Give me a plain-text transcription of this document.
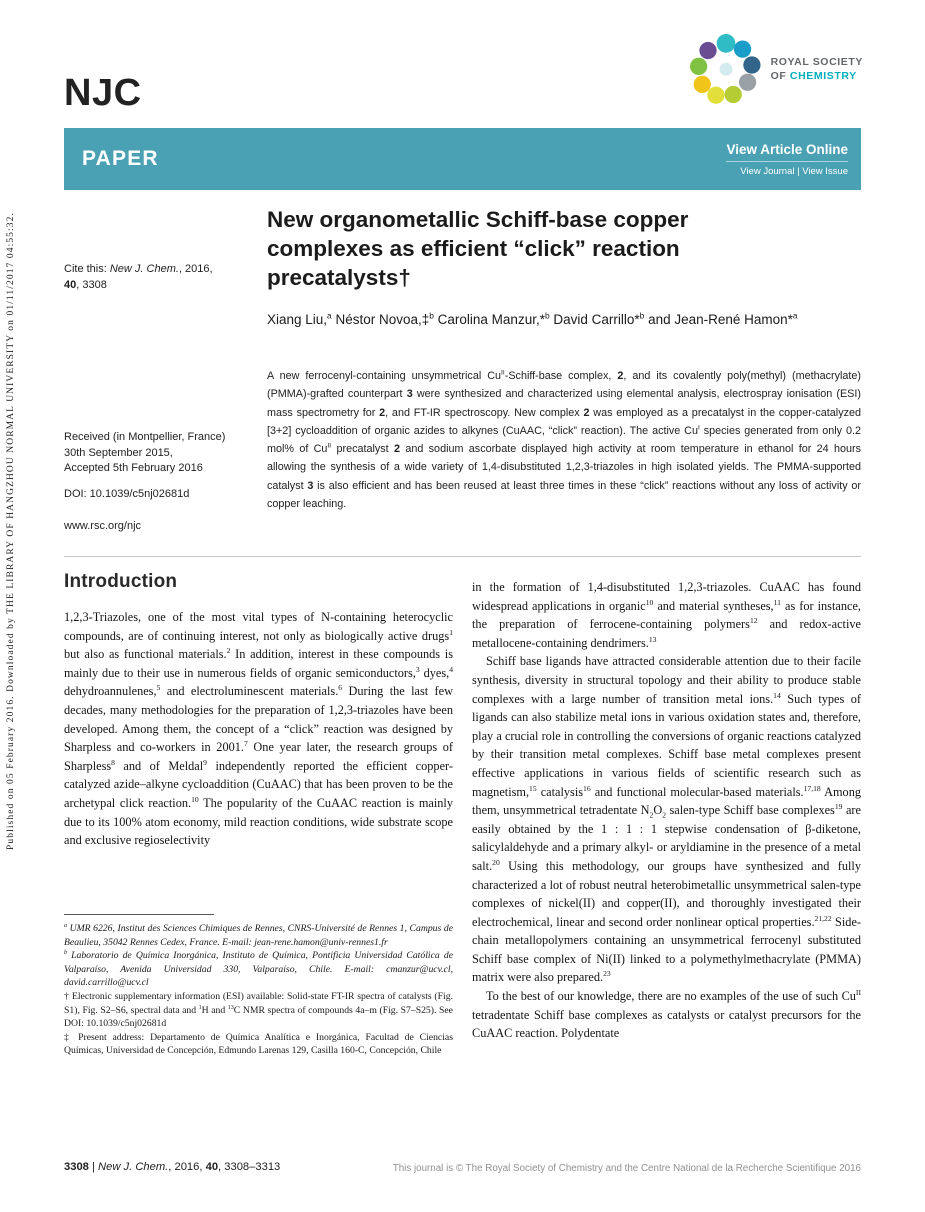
Published on 05 February 2016. Downloaded by THE LIBRARY OF HANGZHOU NORMAL UNIVERSITY on 01/11/2017 04:55:32.
NJC
ROYAL SOCIETY
OF CHEMISTRY
PAPER	View Article Online
View Journal | View Issue
Cite this: New J. Chem., 2016,
40, 3308
Received (in Montpellier, France)
30th September 2015,
Accepted 5th February 2016
DOI: 10.1039/c5nj02681d
www.rsc.org/njc
New organometallic Schiff-base copper complexes as efficient “click” reaction precatalysts†
Xiang Liu,$^a$ Néstor Novoa,‡$^b$ Carolina Manzur,*$^b$ David Carrillo*$^b$ and Jean-René Hamon*$^a$
A new ferrocenyl-containing unsymmetrical $Cu^{II}-Schiff$-base complex, 2, and its covalently poly(methyl) (methacrylate) (PMMA)-grafted counterpart 3 were synthesized and characterized using elemental analysis, electrospray ionisation (ESI) mass spectrometry for 2, and FT-IR spectroscopy. New complex 2 was employed as a precatalyst in the copper-catalyzed [3+2] cycloaddition of organic azides to alkynes (CuAAC, “click” reaction). The active $Cu^I$ species generated from only 0.2 mol% of $Cu^{II}$ precatalyst 2 and sodium ascorbate displayed high activity at room temperature in ethanol for 24 hours allowing the synthesis of a wide variety of 1,4-disubstituted 1,2,3-triazoles in high isolated yields. The PMMA-supported catalyst 3 is also efficient and has been reused at least three times in these “click” reactions without any loss of activity or copper leaching.
Introduction

1,2,3-Triazoles, one of the most vital types of N-containing heterocyclic compounds, are of continuing interest, not only as biologically active drugs$^1$ but also as functional materials.$^2$ In addition, interest in these compounds is mainly due to their use in numerous fields of organic semiconductors,$^3$ dyes,$^4$ dehydroannulenes,$^5$ and electroluminescent materials.$^6$ During the last few decades, many methodologies for the preparation of 1,2,3-triazoles have been developed. Among them, the concept of a “click” reaction was designed by Sharpless and co-workers in 2001.$^7$ One year later, the research groups of Sharpless$^8$ and of Meldal$^9$ independently reported the efficient copper-catalyzed azide–alkyne cycloaddition (CuAAC) that has been proven to be the archetypal click reaction.$^{10}$ The popularity of the CuAAC reaction is mainly due to its 100% atom economy, mild reaction conditions, wide substrate scope and exclusive regioselectivity

in the formation of 1,4-disubstituted 1,2,3-triazoles. CuAAC has found widespread applications in organic$^{10}$ and material syntheses,$^{11}$ as for instance, the preparation of ferrocene-containing polymers$^{12}$ and redox-active metallocene-containing dendrimers.$^{13}$

Schiff base ligands have attracted considerable attention due to their facile synthesis, diversity in structural topology and their ability to produce stable complexes with a large number of transition metal ions.$^{14}$ Such types of ligands can also stabilize metal ions in various oxidation states and, therefore, play a crucial role in controlling the conversions of organic reactions catalyzed by their transition metal complexes. Schiff base metal complexes present effective applications in various fields of scientific research such as magnetism,$^{15}$ catalysis$^{16}$ and functional molecular-based materials.$^{17,18}$ Among them, unsymmetrical tetradentate $N_2O_2$ salen-type Schiff base complexes$^{19}$ are easily obtained by the 1 : 1 : 1 stepwise condensation of β-diketone, salicylaldehyde and a primary alkyl- or aryldiamine in the presence of a metal salt.$^{20}$ Using this methodology, our groups have synthesized and fully characterized a lot of robust neutral heterobimetallic unsymmetrical salen-type complexes of nickel(II) and copper(II), and thoroughly investigated their electrochemical, linear and second order nonlinear optical properties.$^{21,22}$ Side-chain metallopolymers containing an unsymmetrical ferrocenyl substituted Schiff base complex of Ni(II) linked to a polymethylmethacrylate (PMMA) matrix were also prepared.$^{23}$

To the best of our knowledge, there are no examples of the use of such $Cu^{II}$ tetradentate Schiff base complexes as catalysts or catalyst precursors for the CuAAC reaction. Polydentate

$^a$ UMR 6226, Institut des Sciences Chimiques de Rennes, CNRS-Université de Rennes 1, Campus de Beaulieu, 35042 Rennes Cedex, France. E-mail: jean-rene.hamon@univ-rennes1.fr

$^b$ Laboratorio de Química Inorgánica, Instituto de Química, Pontificia Universidad Católica de Valparaíso, Avenida Universidad 330, Valparaíso, Chile. E-mail: cmanzur@ucv.cl, david.carrillo@ucv.cl

† Electronic supplementary information (ESI) available: Solid-state FT-IR spectra of catalysts (Fig. S1), Fig. S2–S6, spectral data and $^1$H and $^{13}$C NMR spectra of compounds 4a–m (Fig. S7–S25). See DOI: 10.1039/c5nj02681d

‡ Present address: Departamento de Química Analítica e Inorgánica, Facultad de Ciencias Químicas, Universidad de Concepción, Edmundo Larenas 129, Casilla 160-C, Concepción, Chile

3308 | New J. Chem., 2016, 40, 3308–3313	This journal is © The Royal Society of Chemistry and the Centre National de la Recherche Scientifique 2016
